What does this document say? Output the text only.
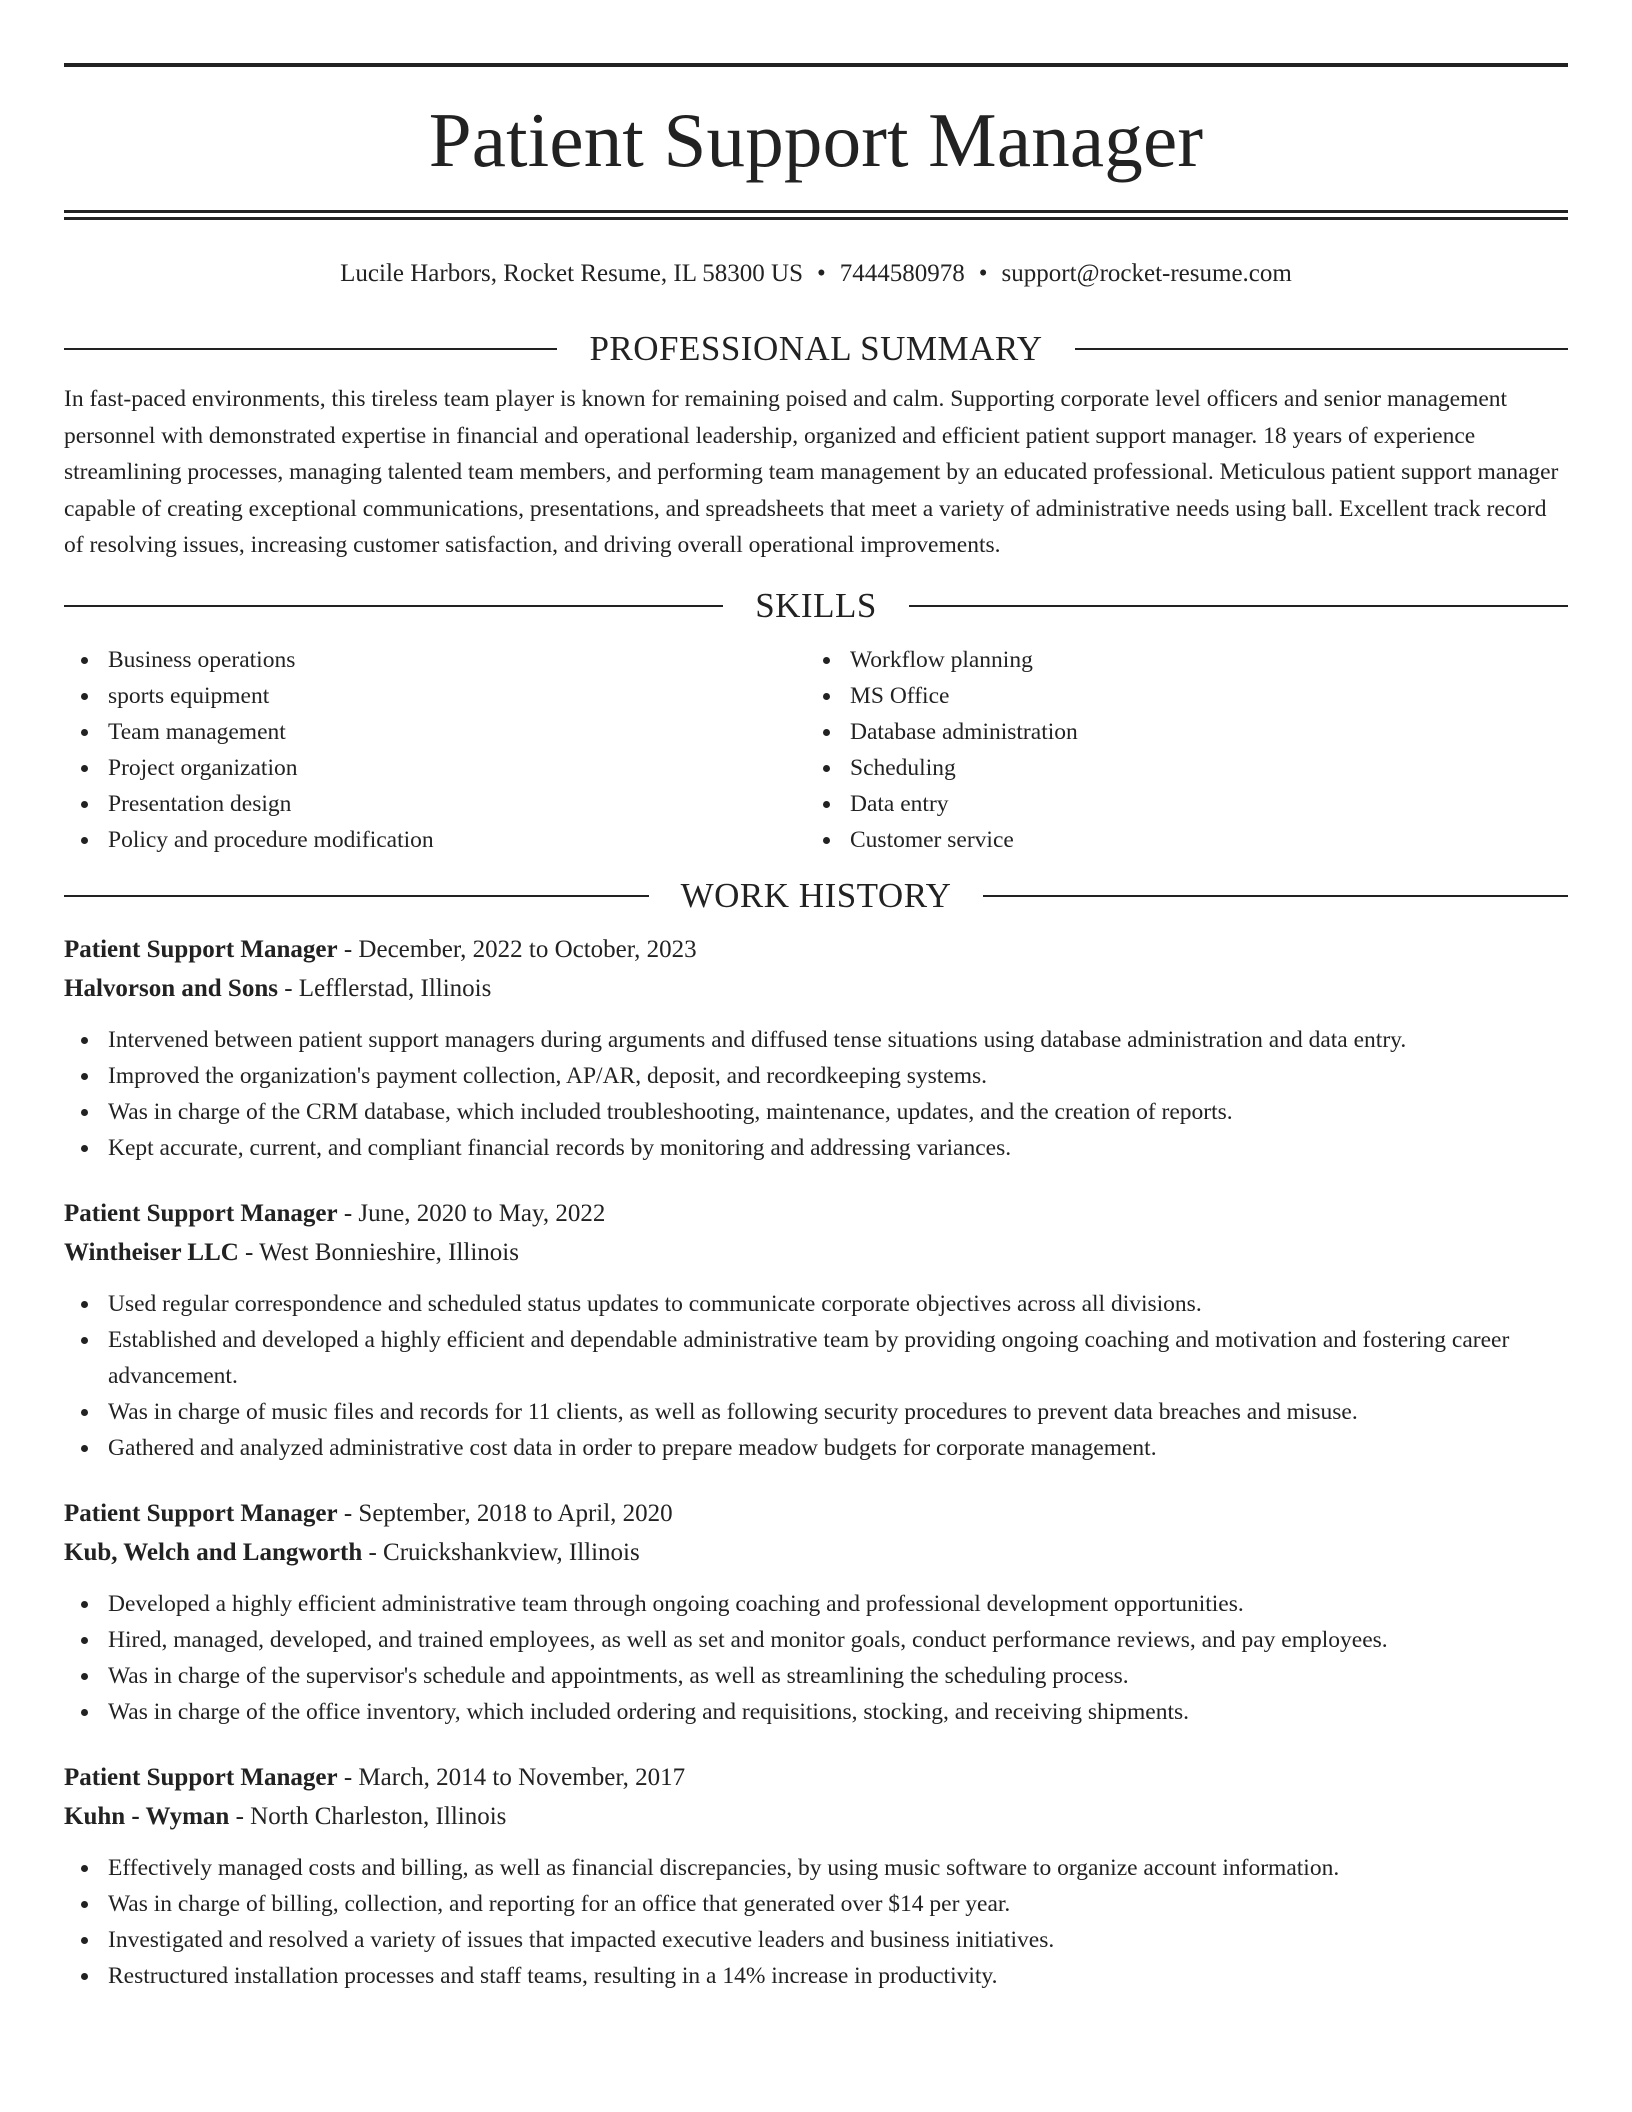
Patient Support Manager
Lucile Harbors, Rocket Resume, IL 58300 US • 7444580978 • support@rocket-resume.com
PROFESSIONAL SUMMARY
In fast-paced environments, this tireless team player is known for remaining poised and calm. Supporting corporate level officers and senior management personnel with demonstrated expertise in financial and operational leadership, organized and efficient patient support manager. 18 years of experience streamlining processes, managing talented team members, and performing team management by an educated professional. Meticulous patient support manager capable of creating exceptional communications, presentations, and spreadsheets that meet a variety of administrative needs using ball. Excellent track record of resolving issues, increasing customer satisfaction, and driving overall operational improvements.
SKILLS
Business operations
sports equipment
Team management
Project organization
Presentation design
Policy and procedure modification
Workflow planning
MS Office
Database administration
Scheduling
Data entry
Customer service
WORK HISTORY
Patient Support Manager - December, 2022 to October, 2023
Halvorson and Sons - Lefflerstad, Illinois
Intervened between patient support managers during arguments and diffused tense situations using database administration and data entry.
Improved the organization's payment collection, AP/AR, deposit, and recordkeeping systems.
Was in charge of the CRM database, which included troubleshooting, maintenance, updates, and the creation of reports.
Kept accurate, current, and compliant financial records by monitoring and addressing variances.
Patient Support Manager - June, 2020 to May, 2022
Wintheiser LLC - West Bonnieshire, Illinois
Used regular correspondence and scheduled status updates to communicate corporate objectives across all divisions.
Established and developed a highly efficient and dependable administrative team by providing ongoing coaching and motivation and fostering career advancement.
Was in charge of music files and records for 11 clients, as well as following security procedures to prevent data breaches and misuse.
Gathered and analyzed administrative cost data in order to prepare meadow budgets for corporate management.
Patient Support Manager - September, 2018 to April, 2020
Kub, Welch and Langworth - Cruickshankview, Illinois
Developed a highly efficient administrative team through ongoing coaching and professional development opportunities.
Hired, managed, developed, and trained employees, as well as set and monitor goals, conduct performance reviews, and pay employees.
Was in charge of the supervisor's schedule and appointments, as well as streamlining the scheduling process.
Was in charge of the office inventory, which included ordering and requisitions, stocking, and receiving shipments.
Patient Support Manager - March, 2014 to November, 2017
Kuhn - Wyman - North Charleston, Illinois
Effectively managed costs and billing, as well as financial discrepancies, by using music software to organize account information.
Was in charge of billing, collection, and reporting for an office that generated over $14 per year.
Investigated and resolved a variety of issues that impacted executive leaders and business initiatives.
Restructured installation processes and staff teams, resulting in a 14% increase in productivity.
